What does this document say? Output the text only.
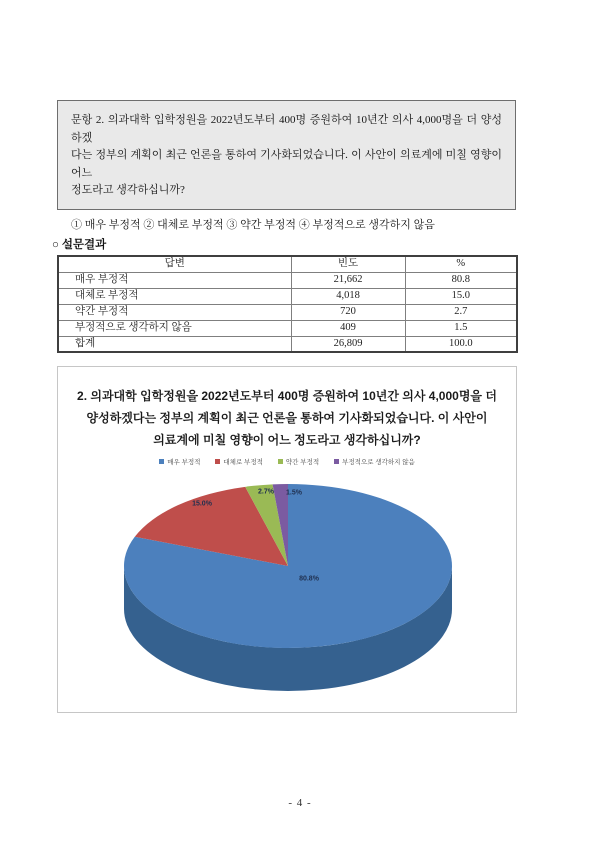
문항 2. 의과대학 입학정원을 2022년도부터 400명 증원하여 10년간 의사 4,000명을 더 양성하겠
다는 정부의 계획이 최근 언론을 통하여 기사화되었습니다. 이 사안이 의료계에 미칠 영향이 어느
정도라고 생각하십니까?
① 매우 부정적 ② 대체로 부정적 ③ 약간 부정적 ④ 부정적으로 생각하지 않음
○ 설문결과
답변	빈도	%
매우 부정적	21,662	80.8
대체로 부정적	4,018	15.0
약간 부정적	720	2.7
부정적으로 생각하지 않음	409	1.5
합계	26,809	100.0
2. 의과대학 입학정원을 2022년도부터 400명 증원하여 10년간 의사 4,000명을 더
양성하겠다는 정부의 계획이 최근 언론을 통하여 기사화되었습니다. 이 사안이
의료계에 미칠 영향이 어느 정도라고 생각하십니까?
매우 부정적	대체로 부정적	약간 부정적	부정적으로 생각하지 않음
80.8%
15.0%
2.7% 1.5%
- 4 -
